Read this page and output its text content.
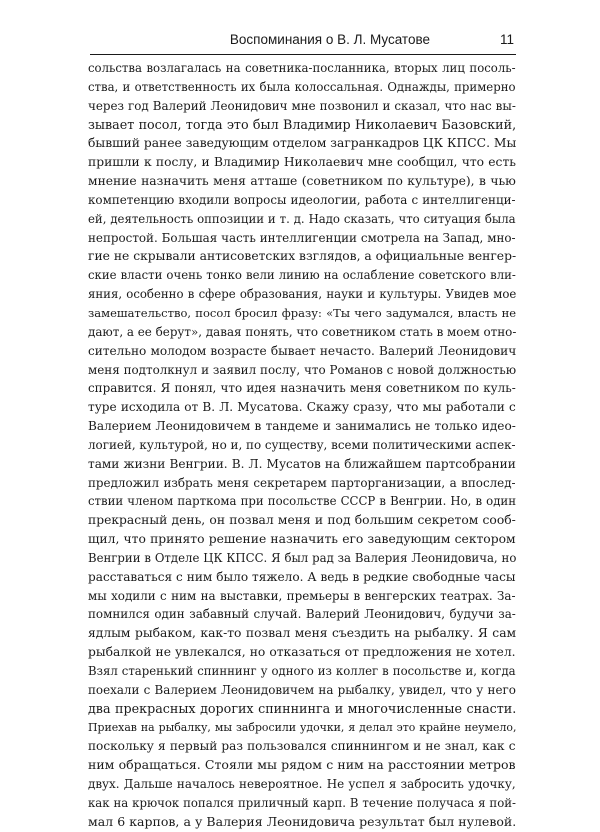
Воспоминания о В. Л. Мусатове	11
сольства возлагалась на советника-посланника, вторых лиц посоль-
ства, и ответственность их была колоссальная. Однажды, примерно
через год Валерий Леонидович мне позвонил и сказал, что нас вы-
зывает посол, тогда это был Владимир Николаевич Базовский,
бывший ранее заведующим отделом загранкадров ЦК КПСС. Мы
пришли к послу, и Владимир Николаевич мне сообщил, что есть
мнение назначить меня атташе (советником по культуре), в чью
компетенцию входили вопросы идеологии, работа с интеллигенци-
ей, деятельность оппозиции и т. д. Надо сказать, что ситуация была
непростой. Большая часть интеллигенции смотрела на Запад, мно-
гие не скрывали антисоветских взглядов, а официальные венгер-
ские власти очень тонко вели линию на ослабление советского вли-
яния, особенно в сфере образования, науки и культуры. Увидев мое
замешательство, посол бросил фразу: «Ты чего задумался, власть не
дают, а ее берут», давая понять, что советником стать в моем отно-
сительно молодом возрасте бывает нечасто. Валерий Леонидович
меня подтолкнул и заявил послу, что Романов с новой должностью
справится. Я понял, что идея назначить меня советником по куль-
туре исходила от В. Л. Мусатова. Скажу сразу, что мы работали с
Валерием Леонидовичем в тандеме и занимались не только идео-
логией, культурой, но и, по существу, всеми политическими аспек-
тами жизни Венгрии. В. Л. Мусатов на ближайшем партсобрании
предложил избрать меня секретарем парторганизации, а впослед-
ствии членом парткома при посольстве СССР в Венгрии. Но, в один
прекрасный день, он позвал меня и под большим секретом сооб-
щил, что принято решение назначить его заведующим сектором
Венгрии в Отделе ЦК КПСС. Я был рад за Валерия Леонидовича, но
расставаться с ним было тяжело. А ведь в редкие свободные часы
мы ходили с ним на выставки, премьеры в венгерских театрах. За-
помнился один забавный случай. Валерий Леонидович, будучи за-
ядлым рыбаком, как-то позвал меня съездить на рыбалку. Я сам
рыбалкой не увлекался, но отказаться от предложения не хотел.
Взял старенький спиннинг у одного из коллег в посольстве и, когда
поехали с Валерием Леонидовичем на рыбалку, увидел, что у него
два прекрасных дорогих спиннинга и многочисленные снасти.
Приехав на рыбалку, мы забросили удочки, я делал это крайне неумело,
поскольку я первый раз пользовался спиннингом и не знал, как с
ним обращаться. Стояли мы рядом с ним на расстоянии метров
двух. Дальше началось невероятное. Не успел я забросить удочку,
как на крючок попался приличный карп. В течение получаса я пой-
мал 6 карпов, а у Валерия Леонидовича результат был нулевой.
